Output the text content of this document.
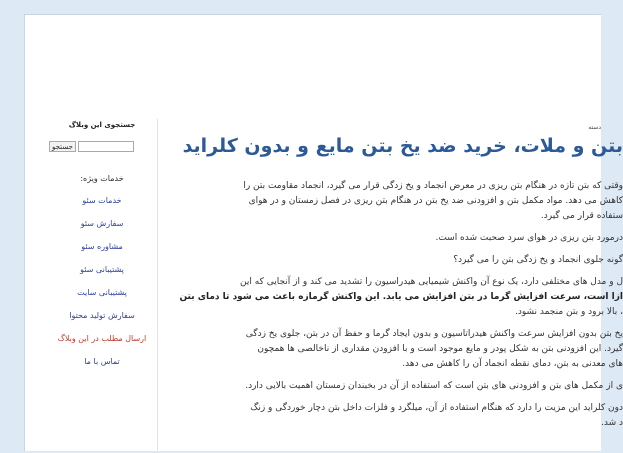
جستجوی این وبلاگ
جستجو
خدمات ویژه:
خدمات سئو
سفارش سئو
مشاوره سئو
پشتیبانی سئو
پشتیبانی سایت
سفارش تولید محتوا
ارسال مطلب در این وبلاگ
تماس با ما
دسته
بتن و ملات، خرید ضد یخ بتن مایع و بدون کلراید

وقتی که بتن تازه در هنگام بتن ریزی در معرض انجماد و یخ زدگی قرار می گیرد، انجماد مقاومت بتن را
کاهش می دهد. مواد مکمل بتن و افزودنی ضد یخ بتن در هنگام بتن ریزی در فصل زمستان و در هوای
ستفاده قرار می گیرد.

درمورد بتن ریزی در هوای سرد صحبت شده است.

گونه جلوی انجماد و یخ زدگی بتن را می گیرد؟

ل و مدل های مختلفی دارد، یک نوع آن واکنش شیمیایی هیدراسیون را تشدید می کند و از آنجایی که این
ازا است، سرعت افزایش گرما در بتن افزایش می یابد. این واکنش گرمازه باعث می شود تا دمای بتن
، بالا برود و بتن منجمد نشود.

یخ بتن بدون افزایش سرعت واکنش هیدراتاسیون و بدون ایجاد گرما و حفظ آن در بتن، جلوی یخ زدگی
گیرد. این افزودنی بتن به شکل پودر و مایع موجود است و با افزودن مقداری از ناخالصی ها همچون
های معدنی به بتن، دمای نقطه انجماد آن را کاهش می دهد.

ی از مکمل های بتن و افزودنی های بتن است که استفاده از آن در بخبندان زمستان اهمیت بالایی دارد.

دون کلراید این مزیت را دارد که هنگام استفاده از آن، میلگرد و فلزات داخل بتن دچار خوردگی و زنگ
د شد.
